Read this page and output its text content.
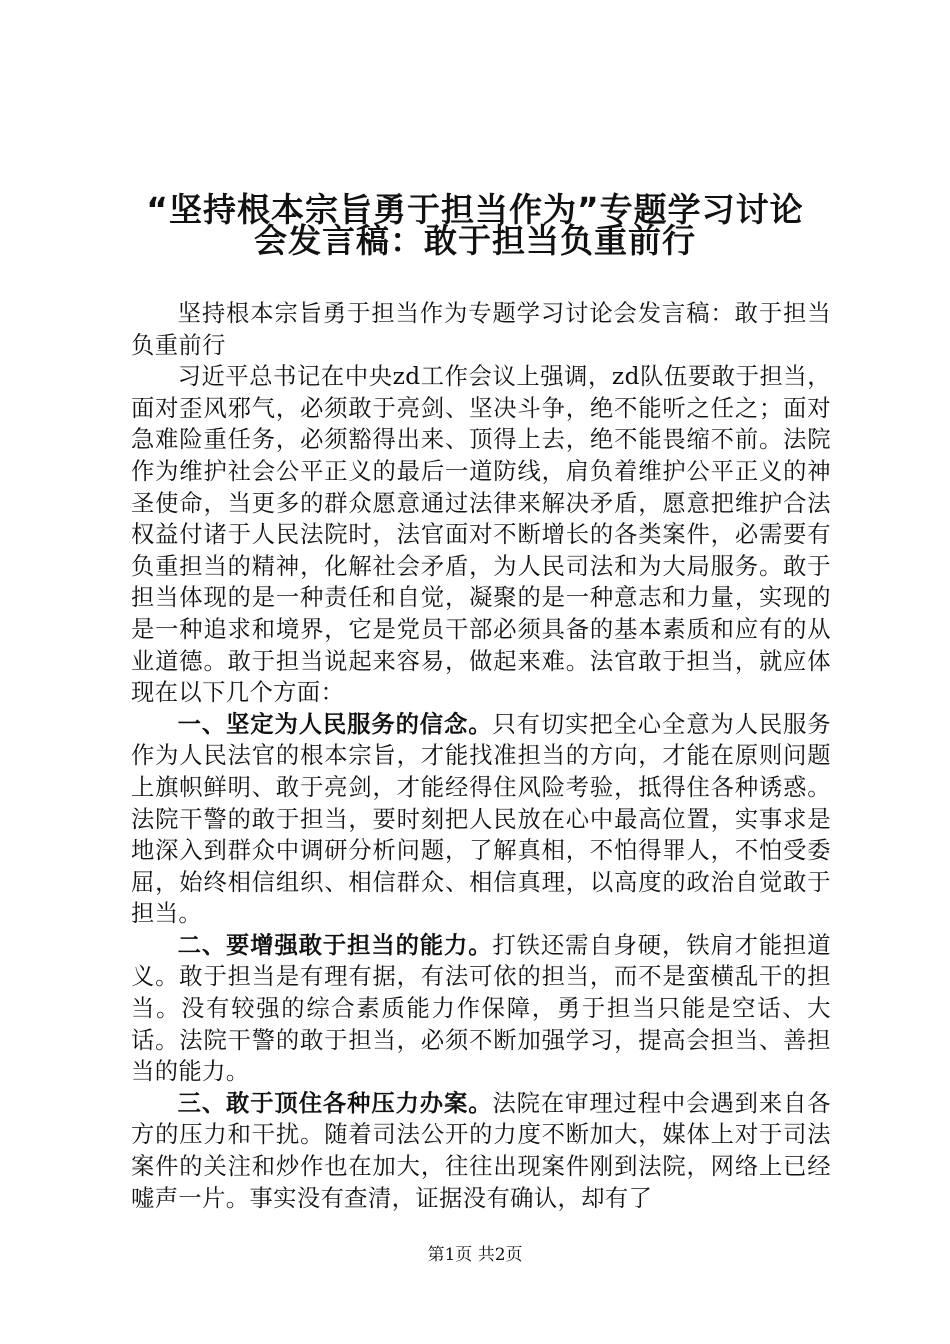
“坚持根本宗旨勇于担当作为”专题学习讨论
会发言稿：敢于担当负重前行

坚持根本宗旨勇于担当作为专题学习讨论会发言稿：敢于担当负重前行

习近平总书记在中央zd工作会议上强调，zd队伍要敢于担当，面对歪风邪气，必须敢于亮剑、坚决斗争，绝不能听之任之；面对急难险重任务，必须豁得出来、顶得上去，绝不能畏缩不前。法院作为维护社会公平正义的最后一道防线，肩负着维护公平正义的神圣使命，当更多的群众愿意通过法律来解决矛盾，愿意把维护合法权益付诸于人民法院时，法官面对不断增长的各类案件，必需要有负重担当的精神，化解社会矛盾，为人民司法和为大局服务。敢于担当体现的是一种责任和自觉，凝聚的是一种意志和力量，实现的是一种追求和境界，它是党员干部必须具备的基本素质和应有的从业道德。敢于担当说起来容易，做起来难。法官敢于担当，就应体现在以下几个方面：

一、坚定为人民服务的信念。只有切实把全心全意为人民服务作为人民法官的根本宗旨，才能找准担当的方向，才能在原则问题上旗帜鲜明、敢于亮剑，才能经得住风险考验，抵得住各种诱惑。法院干警的敢于担当，要时刻把人民放在心中最高位置，实事求是地深入到群众中调研分析问题，了解真相，不怕得罪人，不怕受委屈，始终相信组织、相信群众、相信真理，以高度的政治自觉敢于担当。

二、要增强敢于担当的能力。打铁还需自身硬，铁肩才能担道义。敢于担当是有理有据，有法可依的担当，而不是蛮横乱干的担当。没有较强的综合素质能力作保障，勇于担当只能是空话、大话。法院干警的敢于担当，必须不断加强学习，提高会担当、善担当的能力。

三、敢于顶住各种压力办案。法院在审理过程中会遇到来自各方的压力和干扰。随着司法公开的力度不断加大，媒体上对于司法案件的关注和炒作也在加大，往往出现案件刚到法院，网络上已经嘘声一片。事实没有查清，证据没有确认，却有了

第1页 共2页
